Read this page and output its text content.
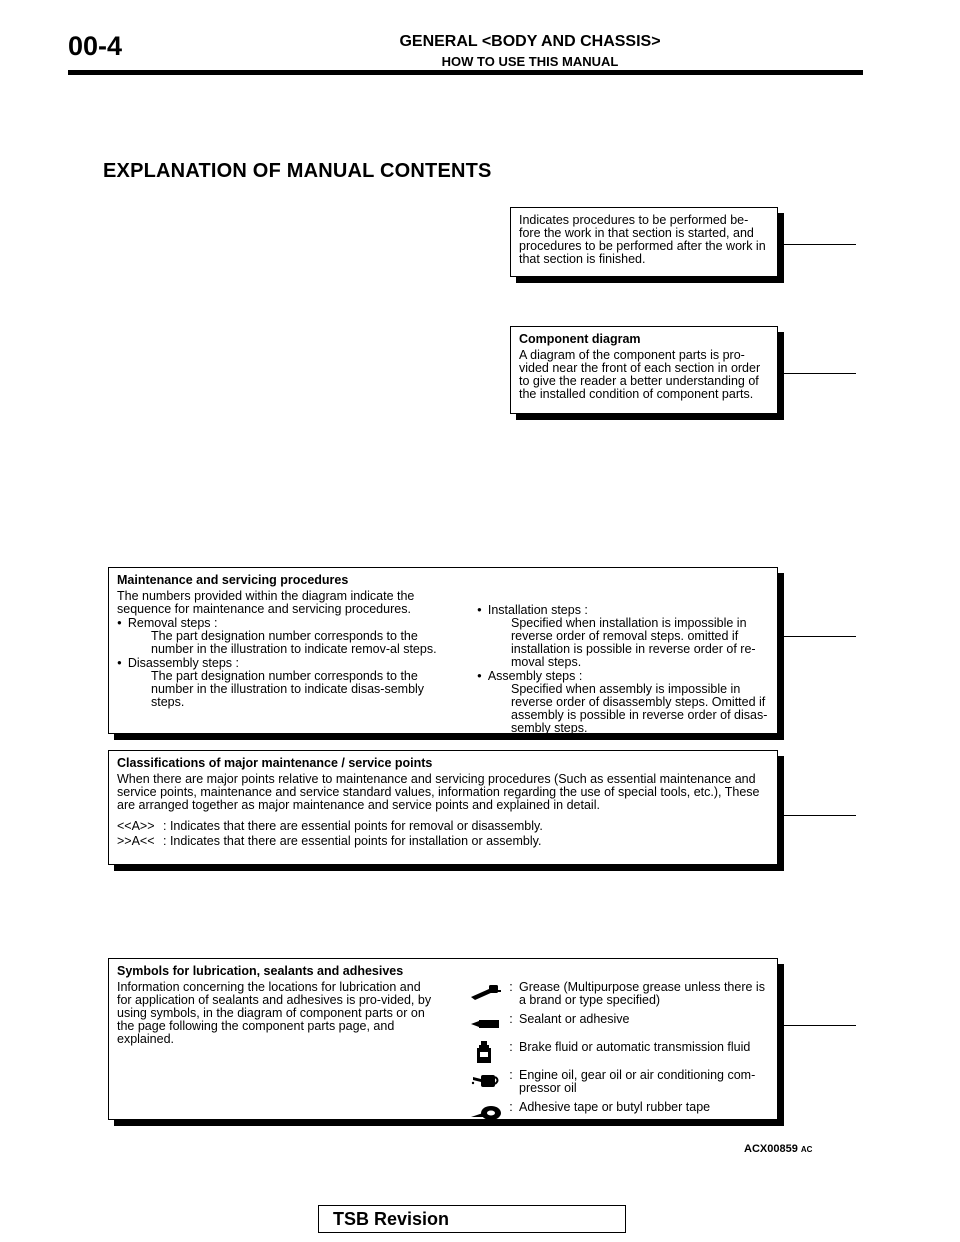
00-4	GENERAL <BODY AND CHASSIS>
HOW TO USE THIS MANUAL
EXPLANATION OF MANUAL CONTENTS

Indicates procedures to be performed be-fore the work in that section is started, and procedures to be performed after the work in that section is finished.

Component diagram

A diagram of the component parts is pro-vided near the front of each section in order to give the reader a better understanding of the installed condition of component parts.

Maintenance and servicing procedures

The numbers provided within the diagram indicate the sequence for maintenance and servicing procedures.

● Removal steps :

The part designation number corresponds to the number in the illustration to indicate remov-al steps.

● Disassembly steps :

The part designation number corresponds to the number in the illustration to indicate disas-sembly steps.

● Installation steps :

Specified when installation is impossible in reverse order of removal steps. omitted if installation is possible in reverse order of re-moval steps.

● Assembly steps :

Specified when assembly is impossible in reverse order of disassembly steps. Omitted if assembly is possible in reverse order of disas-sembly steps.

Classifications of major maintenance / service points

When there are major points relative to maintenance and servicing procedures (Such as essential maintenance and service points, maintenance and service standard values, information regarding the use of special tools, etc.), These are arranged together as major maintenance and service points and explained in detail.

<<A>> : Indicates that there are essential points for removal or disassembly.
>>A<< : Indicates that there are essential points for installation or assembly.
Symbols for lubrication, sealants and adhesives

Information concerning the locations for lubrication and for application of sealants and adhesives is pro-vided, by using symbols, in the diagram of component parts or on the page following the component parts page, and explained.

: Grease (Multipurpose grease unless there is a brand or type specified)
: Sealant or adhesive
: Brake fluid or automatic transmission fluid
: Engine oil, gear oil or air conditioning com-pressor oil
: Adhesive tape or butyl rubber tape
ACX00859 AC
TSB Revision
